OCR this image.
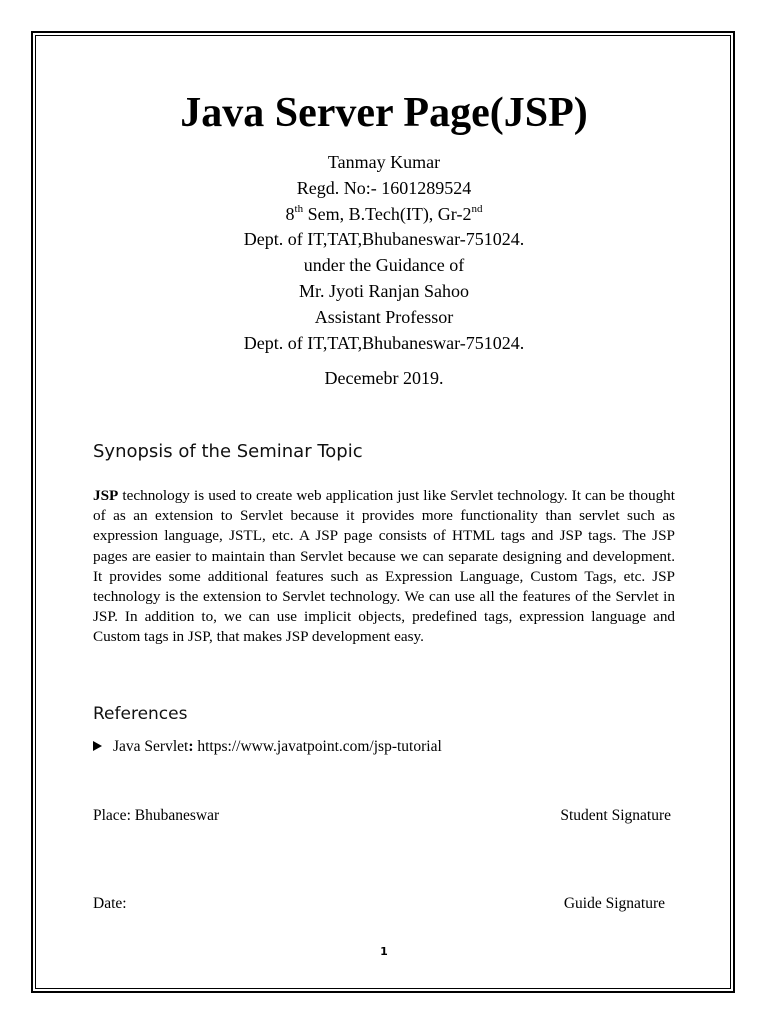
Java Server Page(JSP)
Tanmay Kumar
Regd. No:- 1601289524
8th Sem, B.Tech(IT), Gr-2nd
Dept. of IT,TAT,Bhubaneswar-751024.
under the Guidance of
Mr. Jyoti Ranjan Sahoo
Assistant Professor
Dept. of IT,TAT,Bhubaneswar-751024.
Decemebr 2019.
Synopsis of the Seminar Topic
JSP technology is used to create web application just like Servlet technology. It can be thought of as an extension to Servlet because it provides more functionality than servlet such as expression language, JSTL, etc. A JSP page consists of HTML tags and JSP tags. The JSP pages are easier to maintain than Servlet because we can separate designing and development. It provides some additional features such as Expression Language, Custom Tags, etc. JSP technology is the extension to Servlet technology. We can use all the features of the Servlet in JSP. In addition to, we can use implicit objects, predefined tags, expression language and Custom tags in JSP, that makes JSP development easy.
References
Java Servlet: https://www.javatpoint.com/jsp-tutorial
Place: Bhubaneswar	Student Signature
Date:	Guide Signature
1
